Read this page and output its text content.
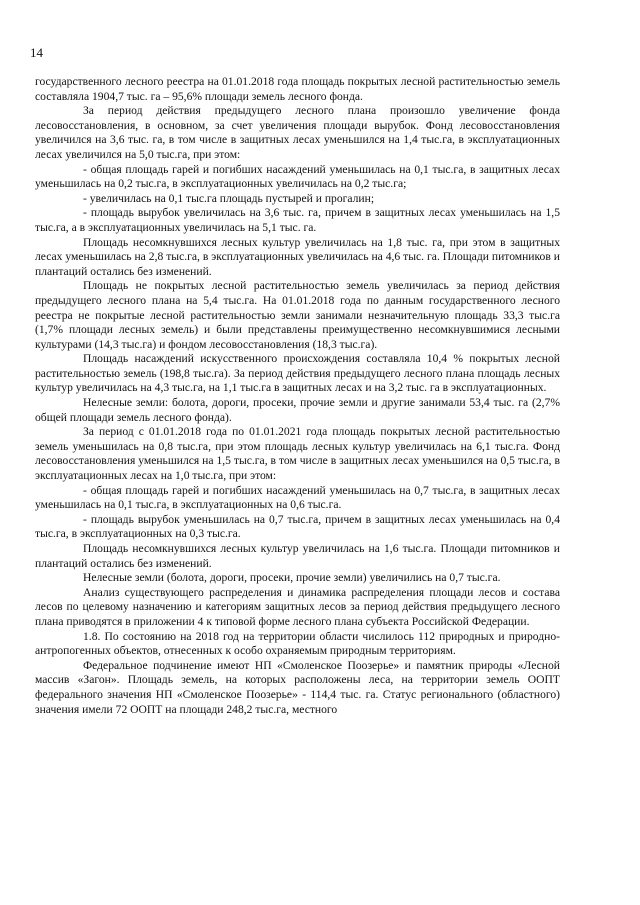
14

государственного лесного реестра на 01.01.2018 года площадь покрытых лесной растительностью земель составляла 1904,7 тыс. га – 95,6% площади земель лесного фонда.

За период действия предыдущего лесного плана произошло увеличение фонда лесовосстановления, в основном, за счет увеличения площади вырубок. Фонд лесовосстановления увеличился на 3,6 тыс. га, в том числе в защитных лесах уменьшился на 1,4 тыс.га, в эксплуатационных лесах увеличился на 5,0 тыс.га, при этом:

- общая площадь гарей и погибших насаждений уменьшилась на 0,1 тыс.га, в защитных лесах уменьшилась на 0,2 тыс.га, в эксплуатационных увеличилась на 0,2 тыс.га;

- увеличилась на 0,1 тыс.га площадь пустырей и прогалин;

- площадь вырубок увеличилась на 3,6 тыс. га, причем в защитных лесах уменьшилась на 1,5 тыс.га, а в эксплуатационных увеличилась на 5,1 тыс. га.

Площадь несомкнувшихся лесных культур увеличилась на 1,8 тыс. га, при этом в защитных лесах уменьшилась на 2,8 тыс.га, в эксплуатационных увеличилась на 4,6 тыс. га. Площади питомников и плантаций остались без изменений.

Площадь не покрытых лесной растительностью земель увеличилась за период действия предыдущего лесного плана на 5,4 тыс.га. На 01.01.2018 года по данным государственного лесного реестра не покрытые лесной растительностью земли занимали незначительную площадь 33,3 тыс.га (1,7% площади лесных земель) и были представлены преимущественно несомкнувшимися лесными культурами (14,3 тыс.га) и фондом лесовосстановления (18,3 тыс.га).

Площадь насаждений искусственного происхождения составляла 10,4 % покрытых лесной растительностью земель (198,8 тыс.га). За период действия предыдущего лесного плана площадь лесных культур увеличилась на 4,3 тыс.га, на 1,1 тыс.га в защитных лесах и на 3,2 тыс. га в эксплуатационных.

Нелесные земли: болота, дороги, просеки, прочие земли и другие занимали 53,4 тыс. га (2,7% общей площади земель лесного фонда).

За период с 01.01.2018 года по 01.01.2021 года площадь покрытых лесной растительностью земель уменьшилась на 0,8 тыс.га, при этом площадь лесных культур увеличилась на 6,1 тыс.га. Фонд лесовосстановления уменьшился на 1,5 тыс.га, в том числе в защитных лесах уменьшился на 0,5 тыс.га, в эксплуатационных лесах на 1,0 тыс.га, при этом:

- общая площадь гарей и погибших насаждений уменьшилась на 0,7 тыс.га, в защитных лесах уменьшилась на 0,1 тыс.га, в эксплуатационных на 0,6 тыс.га.

- площадь вырубок уменьшилась на 0,7 тыс.га, причем в защитных лесах уменьшилась на 0,4 тыс.га, в эксплуатационных на 0,3 тыс.га.

Площадь несомкнувшихся лесных культур увеличилась на 1,6 тыс.га. Площади питомников и плантаций остались без изменений.

Нелесные земли (болота, дороги, просеки, прочие земли) увеличились на 0,7 тыс.га.

Анализ существующего распределения и динамика распределения площади лесов и состава лесов по целевому назначению и категориям защитных лесов за период действия предыдущего лесного плана приводятся в приложении 4 к типовой форме лесного плана субъекта Российской Федерации.

1.8. По состоянию на 2018 год на территории области числилось 112 природных и природно-антропогенных объектов, отнесенных к особо охраняемым природным территориям.

Федеральное подчинение имеют НП «Смоленское Поозерье» и памятник природы «Лесной массив «Загон». Площадь земель, на которых расположены леса, на территории земель ООПТ федерального значения НП «Смоленское Поозерье» - 114,4 тыс. га. Статус регионального (областного) значения имели 72 ООПТ на площади 248,2 тыс.га, местного
